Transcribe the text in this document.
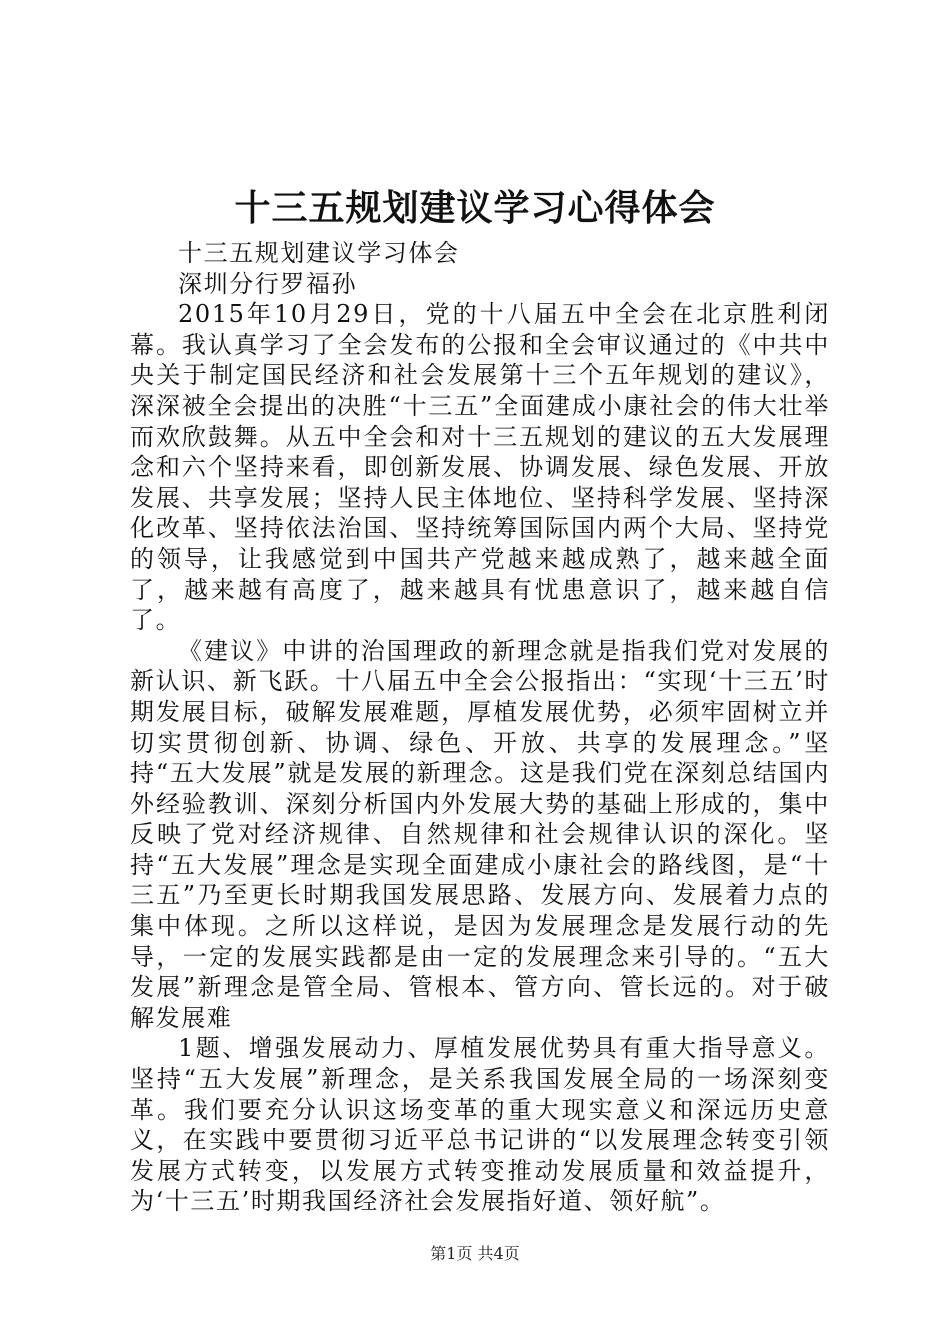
十三五规划建议学习心得体会

十三五规划建议学习体会

深圳分行罗福孙

2015年10月29日，党的十八届五中全会在北京胜利闭幕。我认真学习了全会发布的公报和全会审议通过的《中共中央关于制定国民经济和社会发展第十三个五年规划的建议》，深深被全会提出的决胜“十三五”全面建成小康社会的伟大壮举而欢欣鼓舞。从五中全会和对十三五规划的建议的五大发展理念和六个坚持来看，即创新发展、协调发展、绿色发展、开放发展、共享发展；坚持人民主体地位、坚持科学发展、坚持深化改革、坚持依法治国、坚持统筹国际国内两个大局、坚持党的领导，让我感觉到中国共产党越来越成熟了，越来越全面了，越来越有高度了，越来越具有忧患意识了，越来越自信了。

《建议》中讲的治国理政的新理念就是指我们党对发展的新认识、新飞跃。十八届五中全会公报指出：“实现‘十三五’时期发展目标，破解发展难题，厚植发展优势，必须牢固树立并切实贯彻创新、协调、绿色、开放、共享的发展理念。”坚持“五大发展”就是发展的新理念。这是我们党在深刻总结国内外经验教训、深刻分析国内外发展大势的基础上形成的，集中反映了党对经济规律、自然规律和社会规律认识的深化。坚持“五大发展”理念是实现全面建成小康社会的路线图，是“十三五”乃至更长时期我国发展思路、发展方向、发展着力点的集中体现。之所以这样说，是因为发展理念是发展行动的先导，一定的发展实践都是由一定的发展理念来引导的。“五大发展”新理念是管全局、管根本、管方向、管长远的。对于破解发展难

1题、增强发展动力、厚植发展优势具有重大指导意义。坚持“五大发展”新理念，是关系我国发展全局的一场深刻变革。我们要充分认识这场变革的重大现实意义和深远历史意义，在实践中要贯彻习近平总书记讲的“以发展理念转变引领发展方式转变，以发展方式转变推动发展质量和效益提升，为‘十三五’时期我国经济社会发展指好道、领好航”。

第1页 共4页
